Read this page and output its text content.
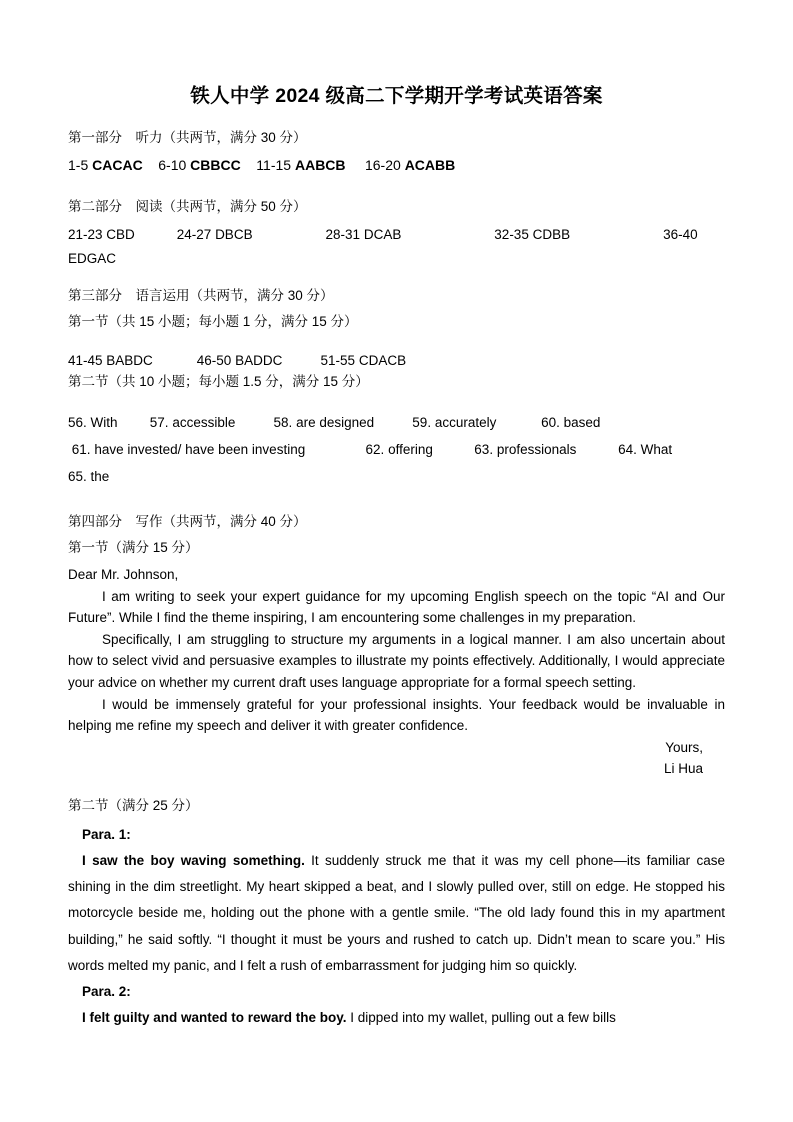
铁人中学 2024 级高二下学期开学考试英语答案
第一部分　听力（共两节，满分 30 分）
1-5 CACAC 6-10 CBBCC 11-15 AABCB 16-20 ACABB
第二部分　阅读（共两节，满分 50 分）
21-23 CBD	24-27 DBCB	28-31 DCAB	32-35 CDBB	36-40
EDGAC
第三部分　语言运用（共两节，满分 30 分）
第一节（共 15 小题；每小题 1 分，满分 15 分）
41-45 BABDC	46-50 BADDC	51-55 CDACB
第二节（共 10 小题；每小题 1.5 分，满分 15 分）
56. With 57. accessible	58. are designed	59. accurately	60. based
61. have invested/ have been investing	62. offering	63. professionals	64. What
65. the
第四部分　写作（共两节，满分 40 分）
第一节（满分 15 分）
Dear Mr. Johnson,
I am writing to seek your expert guidance for my upcoming English speech on the topic “AI and Our Future”. While I find the theme inspiring, I am encountering some challenges in my preparation.
Specifically, I am struggling to structure my arguments in a logical manner. I am also uncertain about how to select vivid and persuasive examples to illustrate my points effectively. Additionally, I would appreciate your advice on whether my current draft uses language appropriate for a formal speech setting.
I would be immensely grateful for your professional insights. Your feedback would be invaluable in helping me refine my speech and deliver it with greater confidence.
Yours,
Li Hua
第二节（满分 25 分）
Para. 1:
I saw the boy waving something. It suddenly struck me that it was my cell phone—its familiar case shining in the dim streetlight. My heart skipped a beat, and I slowly pulled over, still on edge. He stopped his motorcycle beside me, holding out the phone with a gentle smile. “The old lady found this in my apartment building,” he said softly. “I thought it must be yours and rushed to catch up. Didn’t mean to scare you.” His words melted my panic, and I felt a rush of embarrassment for judging him so quickly.
Para. 2:
I felt guilty and wanted to reward the boy. I dipped into my wallet, pulling out a few bills
